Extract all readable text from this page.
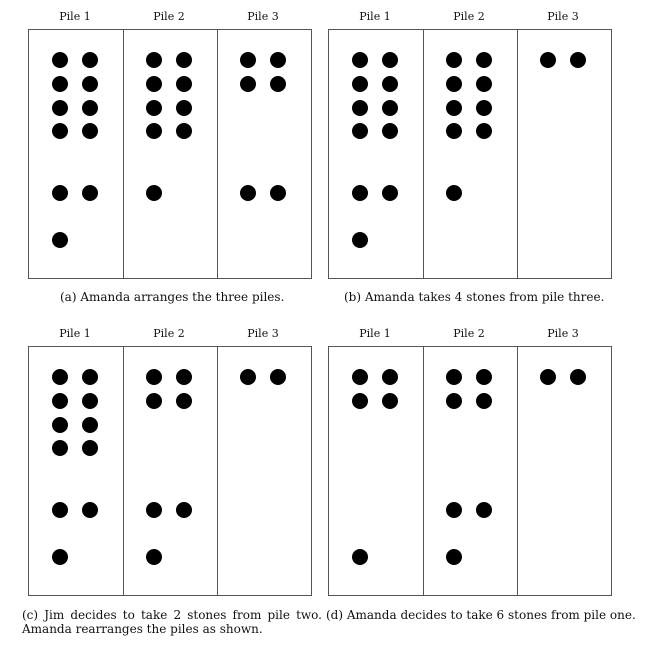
Pile 1	Pile 2	Pile 3
(a) Amanda arranges the three piles.
Pile 1	Pile 2	Pile 3
(b) Amanda takes 4 stones from pile three.
Pile 1	Pile 2	Pile 3
(c) Jim decides to take 2 stones from pile two. Amanda rearranges the piles as shown.
Pile 1	Pile 2	Pile 3
(d) Amanda decides to take 6 stones from pile one.
